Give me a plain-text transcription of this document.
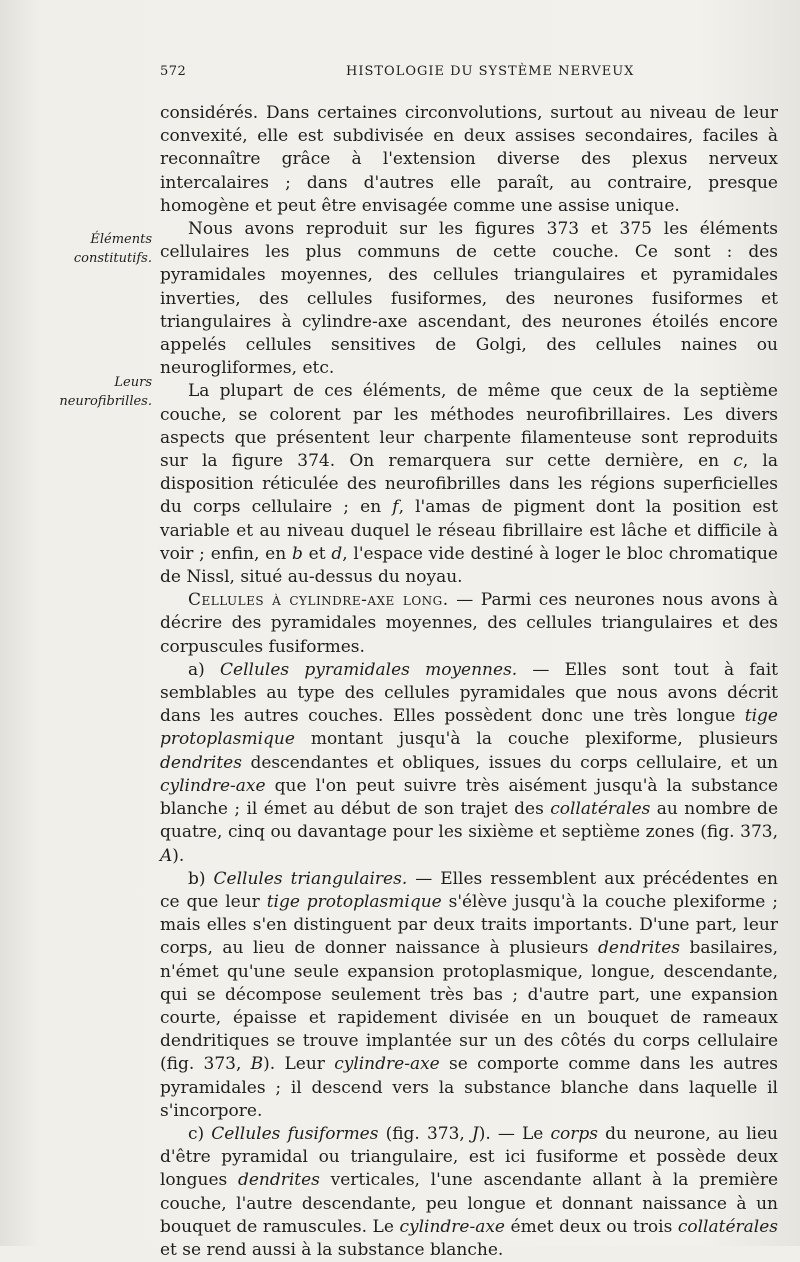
572	HISTOLOGIE DU SYSTÈME NERVEUX
Éléments constitutifs.
Leurs neurofibrilles.

considérés. Dans certaines circonvolutions, surtout au niveau de leur convexité, elle est subdivisée en deux assises secondaires, faciles à reconnaître grâce à l'extension diverse des plexus nerveux intercalaires ; dans d'autres elle paraît, au contraire, presque homogène et peut être envisagée comme une assise unique.

Nous avons reproduit sur les figures 373 et 375 les éléments cellulaires les plus communs de cette couche. Ce sont : des pyramidales moyennes, des cellules triangulaires et pyramidales inverties, des cellules fusiformes, des neurones fusiformes et triangulaires à cylindre-axe ascendant, des neurones étoilés encore appelés cellules sensitives de Golgi, des cellules naines ou neurogliformes, etc.

La plupart de ces éléments, de même que ceux de la septième couche, se colorent par les méthodes neurofibrillaires. Les divers aspects que présentent leur charpente filamenteuse sont reproduits sur la figure 374. On remarquera sur cette dernière, en c, la disposition réticulée des neurofibrilles dans les régions superficielles du corps cellulaire ; en f, l'amas de pigment dont la position est variable et au niveau duquel le réseau fibrillaire est lâche et difficile à voir ; enfin, en b et d, l'espace vide destiné à loger le bloc chromatique de Nissl, situé au-dessus du noyau.

Cellules à cylindre-axe long. — Parmi ces neurones nous avons à décrire des pyramidales moyennes, des cellules triangulaires et des corpuscules fusiformes.

a) Cellules pyramidales moyennes. — Elles sont tout à fait semblables au type des cellules pyramidales que nous avons décrit dans les autres couches. Elles possèdent donc une très longue tige protoplasmique montant jusqu'à la couche plexiforme, plusieurs dendrites descendantes et obliques, issues du corps cellulaire, et un cylindre-axe que l'on peut suivre très aisément jusqu'à la substance blanche ; il émet au début de son trajet des collatérales au nombre de quatre, cinq ou davantage pour les sixième et septième zones (fig. 373, A).

b) Cellules triangulaires. — Elles ressemblent aux précédentes en ce que leur tige protoplasmique s'élève jusqu'à la couche plexiforme ; mais elles s'en distinguent par deux traits importants. D'une part, leur corps, au lieu de donner naissance à plusieurs dendrites basilaires, n'émet qu'une seule expansion protoplasmique, longue, descendante, qui se décompose seulement très bas ; d'autre part, une expansion courte, épaisse et rapidement divisée en un bouquet de rameaux dendritiques se trouve implantée sur un des côtés du corps cellulaire (fig. 373, B). Leur cylindre-axe se comporte comme dans les autres pyramidales ; il descend vers la substance blanche dans laquelle il s'incorpore.

c) Cellules fusiformes (fig. 373, J). — Le corps du neurone, au lieu d'être pyramidal ou triangulaire, est ici fusiforme et possède deux longues dendrites verticales, l'une ascendante allant à la première couche, l'autre descendante, peu longue et donnant naissance à un bouquet de ramuscules. Le cylindre-axe émet deux ou trois collatérales et se rend aussi à la substance blanche.
